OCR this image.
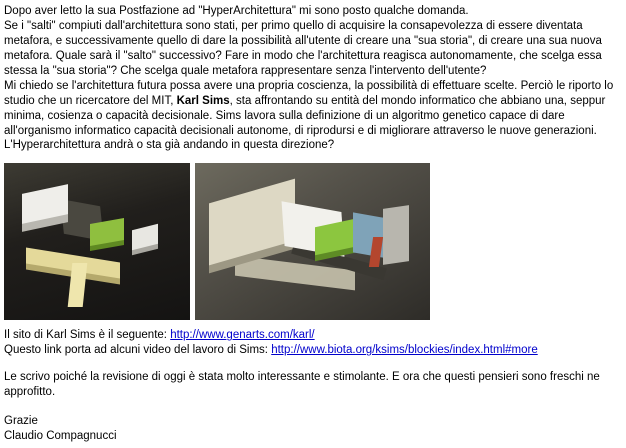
Dopo aver letto la sua Postfazione ad "HyperArchitettura" mi sono posto qualche domanda.

Se i "salti" compiuti dall'architettura sono stati, per primo quello di acquisire la consapevolezza di essere diventata metafora, e successivamente quello di dare la possibilità all'utente di creare una "sua storia", di creare una sua nuova metafora. Quale sarà il "salto" successivo? Fare in modo che l'architettura reagisca autonomamente, che scelga essa stessa la "sua storia"? Che scelga quale metafora rappresentare senza l'intervento dell'utente?

Mi chiedo se l'architettura futura possa avere una propria coscienza, la possibilità di effettuare scelte. Perciò le riporto lo studio che un ricercatore del MIT, Karl Sims, sta affrontando su entità del mondo informatico che abbiano una, seppur minima, cosienza o capacità decisionale. Sims lavora sulla definizione di un algoritmo genetico capace di dare all'organismo informatico capacità decisionali autonome, di riprodursi e di migliorare attraverso le nuove generazioni. L'Hyperarchitettura andrà o sta già andando in questa direzione?

Il sito di Karl Sims è il seguente: http://www.genarts.com/karl/

Questo link porta ad alcuni video del lavoro di Sims: http://www.biota.org/ksims/blockies/index.html#more

Le scrivo poiché la revisione di oggi è stata molto interessante e stimolante. E ora che questi pensieri sono freschi ne approfitto.

Grazie

Claudio Compagnucci
